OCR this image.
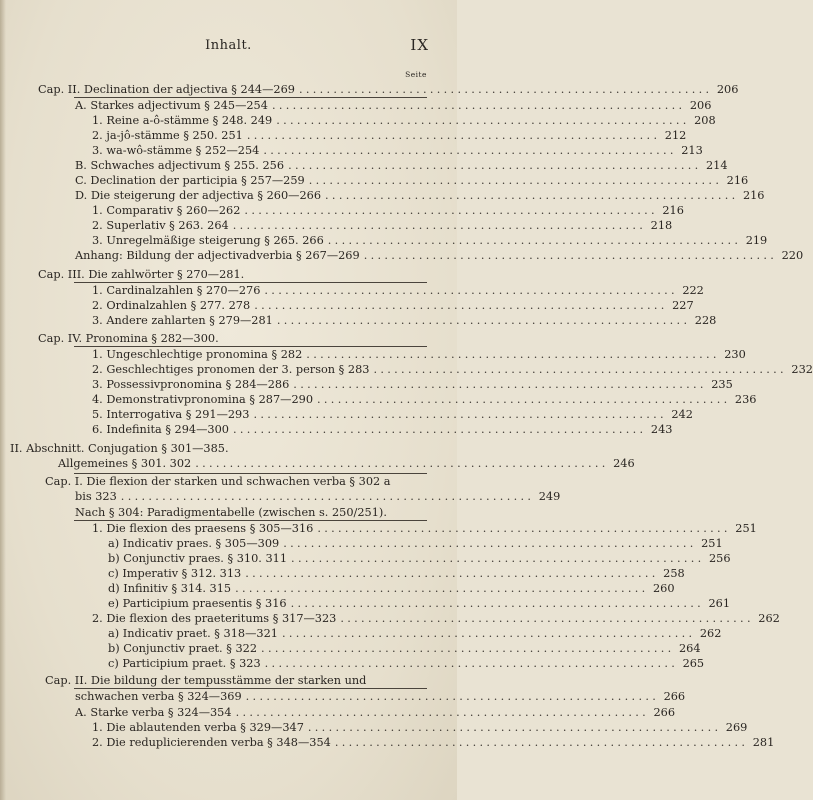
Inhalt.	IX
Seite
Cap. II. Declination der adjectiva § 244—269 ............................................................ 206
A. Starkes adjectivum § 245—254 ............................................................ 206
1. Reine a-ô-stämme § 248. 249 ............................................................ 208
2. ja-jô-stämme § 250. 251 ............................................................ 212
3. wa-wô-stämme § 252—254 ............................................................ 213
B. Schwaches adjectivum § 255. 256 ............................................................ 214
C. Declination der participia § 257—259 ............................................................ 216
D. Die steigerung der adjectiva § 260—266 ............................................................ 216
1. Comparativ § 260—262 ............................................................ 216
2. Superlativ § 263. 264 ............................................................ 218
3. Unregelmäßige steigerung § 265. 266 ............................................................ 219
Anhang: Bildung der adjectivadverbia § 267—269 ............................................................ 220
Cap. III. Die zahlwörter § 270—281.
1. Cardinalzahlen § 270—276 ............................................................ 222
2. Ordinalzahlen § 277. 278 ............................................................ 227
3. Andere zahlarten § 279—281 ............................................................ 228
Cap. IV. Pronomina § 282—300.
1. Ungeschlechtige pronomina § 282 ............................................................ 230
2. Geschlechtiges pronomen der 3. person § 283 ............................................................ 232
3. Possessivpronomina § 284—286 ............................................................ 235
4. Demonstrativpronomina § 287—290 ............................................................ 236
5. Interrogativa § 291—293 ............................................................ 242
6. Indefinita § 294—300 ............................................................ 243
II. Abschnitt. Conjugation § 301—385.
Allgemeines § 301. 302 ............................................................ 246
Cap. I. Die flexion der starken und schwachen verba § 302 a
bis 323 ............................................................ 249
Nach § 304: Paradigmentabelle (zwischen s. 250/251).
1. Die flexion des praesens § 305—316 ............................................................ 251
a) Indicativ praes. § 305—309 ............................................................ 251
b) Conjunctiv praes. § 310. 311 ............................................................ 256
c) Imperativ § 312. 313 ............................................................ 258
d) Infinitiv § 314. 315 ............................................................ 260
e) Participium praesentis § 316 ............................................................ 261
2. Die flexion des praeteritums § 317—323 ............................................................ 262
a) Indicativ praet. § 318—321 ............................................................ 262
b) Conjunctiv praet. § 322 ............................................................ 264
c) Participium praet. § 323 ............................................................ 265
Cap. II. Die bildung der tempusstämme der starken und
schwachen verba § 324—369 ............................................................ 266
A. Starke verba § 324—354 ............................................................ 266
1. Die ablautenden verba § 329—347 ............................................................ 269
2. Die reduplicierenden verba § 348—354 ............................................................ 281
